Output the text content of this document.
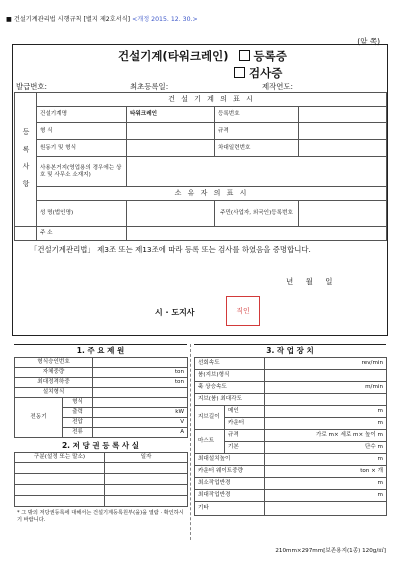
■ 건설기계관리법 시행규칙 [별지 제2호서식] <개정 2015. 12. 30.>
(앞 쪽)
건설기계(타워크레인) 등록증
검사증
발급번호:	최초등록일:	제작연도:
등 록 사 항	건 설 기 계 의 표 시			
	건설기계명	타워크레인	등록번호	
	형 식		규격	
	원동기 및 형식		차대일련번호	
	사용본거지(영업용의 경우에는 상호 및 사무소 소재지)			
	소 유 자 의 표 시			
	성 명(법인명)		주민(사업자, 외국인)등록번호	
	주 소			
「건설기계관리법」 제3조 또는 제13조에 따라 등록 또는 검사를 하였음을 증명합니다.
년 월 일
시 · 도지사	직인
1. 주 요 제 원
형식승인번호		
자체중량		ton
최대정격하중		ton
설치형식		
전동기	형식	
	출력	kW
	전압	V
	전류	A
2. 저 당 권 등 록 사 실
구분(설정 또는 말소)	일자

* 그 밖의 저당권등록에 대해서는 건설기계등록원부(을)을 열람 · 확인하시기 바랍니다.
3. 작 업 장 치
선회속도		rev/min
붐(지브)형식		
훅 상승속도		m/min
지브(붐) 최대각도		
지브길이	메인	m
	카운터	m
마스트	규격	가로 m× 세로 m× 높이 m
	기본	단수 m
최대설치높이		m
카운터 웨이트중량		ton × 개
최소작업반경		m
최대작업반경		m
기타		
210mm×297mm[보존용지(1종) 120g/㎡]
